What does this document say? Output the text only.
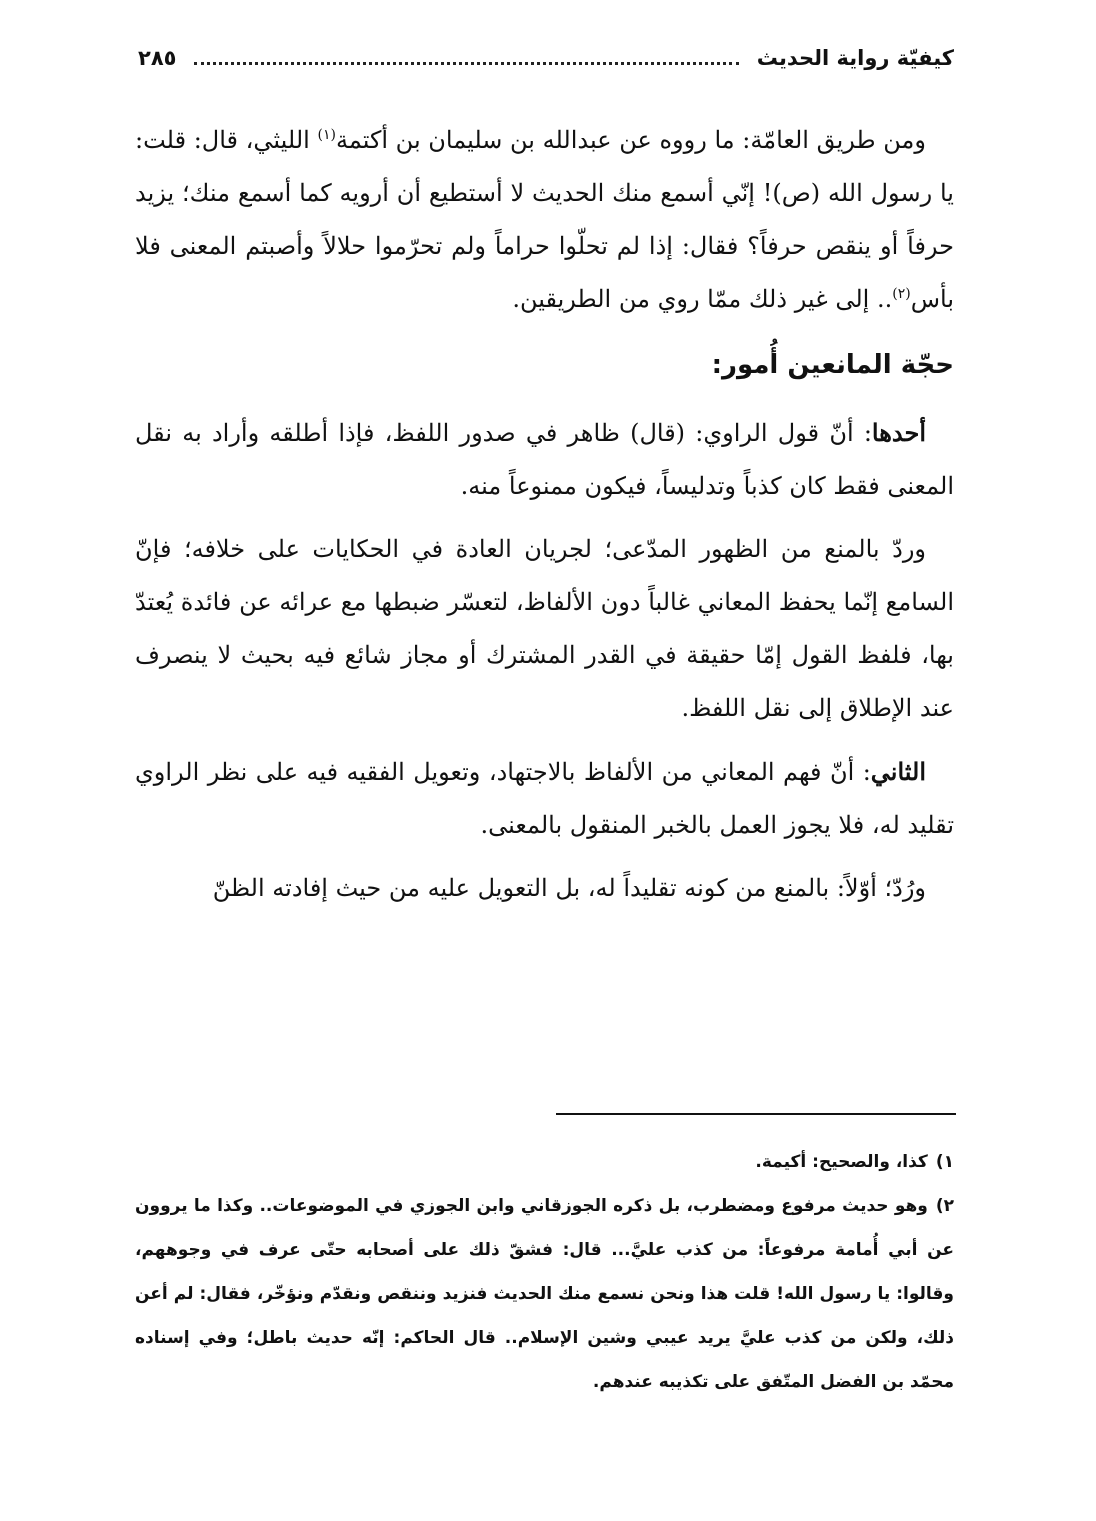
كيفيّة رواية الحديث
٢٨٥

ومن طريق العامّة: ما رووه عن عبدالله بن سليمان بن أكتمة$^{(١)}$ الليثي، قال: قلت: يا رسول الله (ص)! إنّي أسمع منك الحديث لا أستطيع أن أرويه كما أسمع منك؛ يزيد حرفاً أو ينقص حرفاً؟ فقال: إذا لم تحلّوا حراماً ولم تحرّموا حلالاً وأصبتم المعنى فلا بأس$^{(٢)}$.. إلى غير ذلك ممّا روي من الطريقين.

حجّة المانعين أُمور:

أحدها: أنّ قول الراوي: (قال) ظاهر في صدور اللفظ، فإذا أطلقه وأراد به نقل المعنى فقط كان كذباً وتدليساً، فيكون ممنوعاً منه.

وردّ بالمنع من الظهور المدّعى؛ لجريان العادة في الحكايات على خلافه؛ فإنّ السامع إنّما يحفظ المعاني غالباً دون الألفاظ، لتعسّر ضبطها مع عرائه عن فائدة يُعتدّ بها، فلفظ القول إمّا حقيقة في القدر المشترك أو مجاز شائع فيه بحيث لا ينصرف عند الإطلاق إلى نقل اللفظ.

الثاني: أنّ فهم المعاني من الألفاظ بالاجتهاد، وتعويل الفقيه فيه على نظر الراوي تقليد له، فلا يجوز العمل بالخبر المنقول بالمعنى.

ورُدّ؛ أوّلاً: بالمنع من كونه تقليداً له، بل التعويل عليه من حيث إفادته الظنّ

١)كذا، والصحيح: أكيمة.

٢)وهو حديث مرفوع ومضطرب، بل ذكره الجوزقاني وابن الجوزي في الموضوعات.. وكذا ما يروون عن أبي أُمامة مرفوعاً: من كذب عليَّ... قال: فشقّ ذلك على أصحابه حتّى عرف في وجوههم، وقالوا: يا رسول الله! قلت هذا ونحن نسمع منك الحديث فنزيد وننقص ونقدّم ونؤخّر، فقال: لم أعن ذلك، ولكن من كذب عليَّ يريد عيبي وشين الإسلام.. قال الحاكم: إنّه حديث باطل؛ وفي إسناده محمّد بن الفضل المتّفق على تكذيبه عندهم.
